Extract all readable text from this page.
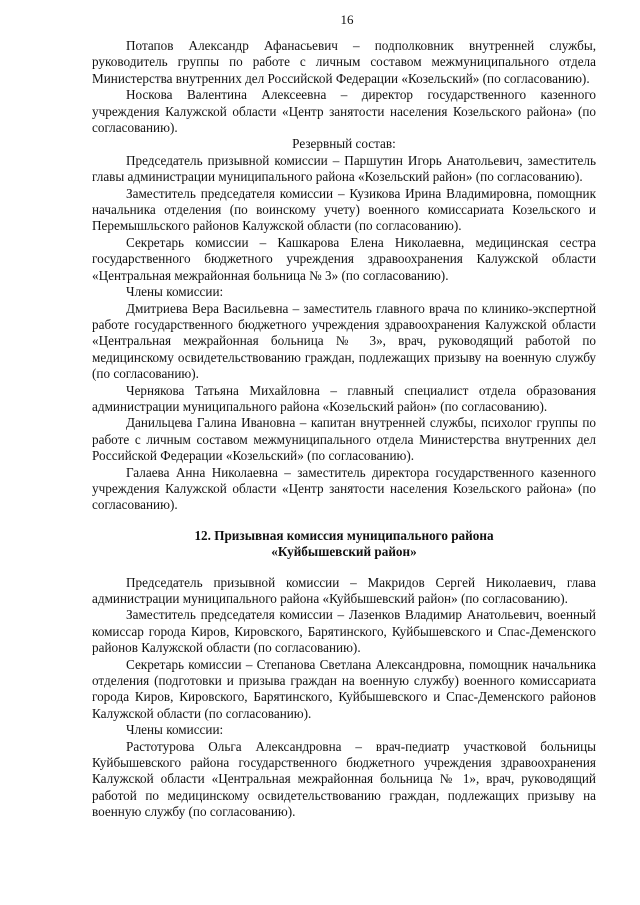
16

Потапов Александр Афанасьевич – подполковник внутренней службы, руководитель группы по работе с личным составом межмуниципального отдела Министерства внутренних дел Российской Федерации «Козельский» (по согласованию).

Носкова Валентина Алексеевна – директор государственного казенного учреждения Калужской области «Центр занятости населения Козельского района» (по согласованию).

Резервный состав:

Председатель призывной комиссии – Паршутин Игорь Анатольевич, заместитель главы администрации муниципального района «Козельский район» (по согласованию).

Заместитель председателя комиссии – Кузикова Ирина Владимировна, помощник начальника отделения (по воинскому учету) военного комиссариата Козельского и Перемышльского районов Калужской области (по согласованию).

Секретарь комиссии – Кашкарова Елена Николаевна, медицинская сестра государственного бюджетного учреждения здравоохранения Калужской области «Центральная межрайонная больница № 3» (по согласованию).

Члены комиссии:

Дмитриева Вера Васильевна – заместитель главного врача по клинико-экспертной работе государственного бюджетного учреждения здравоохранения Калужской области «Центральная межрайонная больница № 3», врач, руководящий работой по медицинскому освидетельствованию граждан, подлежащих призыву на военную службу (по согласованию).

Чернякова Татьяна Михайловна – главный специалист отдела образования администрации муниципального района «Козельский район» (по согласованию).

Данильцева Галина Ивановна – капитан внутренней службы, психолог группы по работе с личным составом межмуниципального отдела Министерства внутренних дел Российской Федерации «Козельский» (по согласованию).

Галаева Анна Николаевна – заместитель директора государственного казенного учреждения Калужской области «Центр занятости населения Козельского района» (по согласованию).

12. Призывная комиссия муниципального района
«Куйбышевский район»

Председатель призывной комиссии – Макридов Сергей Николаевич, глава администрации муниципального района «Куйбышевский район» (по согласованию).

Заместитель председателя комиссии – Лазенков Владимир Анатольевич, военный комиссар города Киров, Кировского, Барятинского, Куйбышевского и Спас-Деменского районов Калужской области (по согласованию).

Секретарь комиссии – Степанова Светлана Александровна, помощник начальника отделения (подготовки и призыва граждан на военную службу) военного комиссариата города Киров, Кировского, Барятинского, Куйбышевского и Спас-Деменского районов Калужской области (по согласованию).

Члены комиссии:

Растотурова Ольга Александровна – врач-педиатр участковой больницы Куйбышевского района государственного бюджетного учреждения здравоохранения Калужской области «Центральная межрайонная больница № 1», врач, руководящий работой по медицинскому освидетельствованию граждан, подлежащих призыву на военную службу (по согласованию).
